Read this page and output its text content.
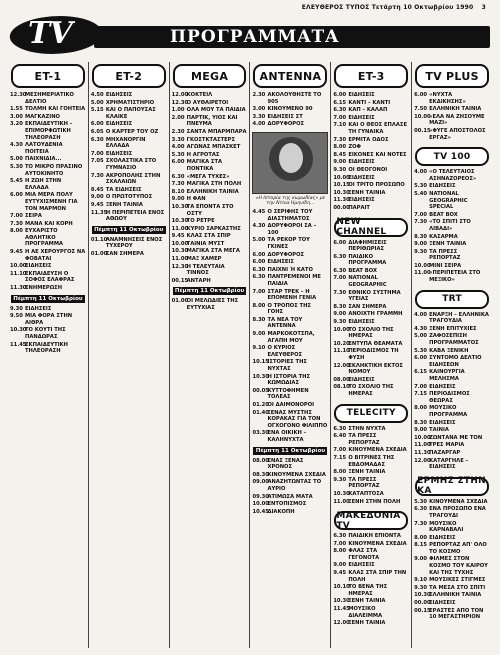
ΕΛΕΥΘΕΡΟΣ ΤΥΠΟΣ Τετάρτη 10 Οκτωβρίου 1990 3
ΠΡΟΓΡΑΜΜΑΤΑ
TV
ET-1
12.30
ΜΕΣΗΜΕΡΙΑΤΙΚΟ ΔΕΛΤΙΟ
1.55 ΤΟΛΜΗ ΚΑΙ ΓΟΗΤΕΙΑ
3.00 ΜΑΓΚΑΖΙΝΟ
3.20 ΕΚΠΑΙΔΕΥΤΙΚΗ – ΕΠΙΜΟΡΦΩΤΙΚΗ ΤΗΛΕΟΡΑΣΗ
4.30 ΛΑΤΟΥΔΕΝΙΑ ΠΟΙΤΕΙΑ
5.00 ΠΑΙΧΝΙΔΙΑ...
5.30 ΤΟ ΜΙΚΡΟ ΠΡΑΣΙΝΟ ΑΥΤΟΚΙΝΗΤΟ
5.45 Η ΖΩΗ ΣΤΗΝ ΕΛΛΑΔΑ
6.00 ΜΙΑ ΜΕΡΑ ΠΟΛΥ ΕΥΤΥΧΙΣΜΕΝΗ ΓΙΑ ΤΟΝ ΜΑΡΜΟΝ
7.00 ΣΕΙΡΑ
7.30 ΜΑΝΑ ΚΑΙ ΚΟΡΗ
8.00 ΕΥΧΑΡΙΣΤΟ ΑΘΛΗΤΙΚΟ ΠΡΟΓΡΑΜΜΑ
9.45 Η ΑΕ ΧΕΡΟΥΡΓΟΣ ΝΑ ΦΟΒΑΤΑΙ
10.00
ΕΙΔΗΣΕΙΣ
11.10
ΕΚΠΑΙΔΕΥΣΗ Ο ΣΟΦΟΣ ΕΛΑΦΡΑΣ
11.30
ΕΝΗΜΕΡΩΣΗ
Πέμπτη 11 Οκτωβρίου
9.30 ΕΙΔΗΣΕΙΣ
9.50 ΜΙΑ ΦΟΡΑ ΣΤΗΝ ΑΙΘΡΑ
10.30
ΤΟ ΚΟΥΤΙ ΤΗΣ ΠΑΝΔΩΡΑΣ
11.45
ΕΚΠΑΙΔΕΥΤΙΚΗ ΤΗΛΕΟΡΑΣΗ
ET-2
4.50 ΕΙΔΗΣΕΙΣ
5.00 ΧΡΗΜΑΤΙΣΤΗΡΙΟ
5.15 ΚΑΙ Ο ΠΑΠΟΥΣΑΣ ΚΛΑΙΚΕ
6.00 ΕΙΔΗΣΕΙΣ
6.05 Ο ΚΑΡΤΕΡ ΤΟΥ ΟΖ
6.30 ΜΗΧΑΝΟΡΓΙΝ ΕΛΛΑΔΑ
7.00 ΕΙΔΗΣΕΙΣ
7.05 ΣΧΟΛΑΣΤΙΚΑ ΣΤΟ ΓΥΜΝΑΣΙΟ
7.30 ΑΚΡΟΠΟΛΗΣ ΣΤΗΝ ΣΧΑΛΑΙΩΝ
8.45 ΤΑ ΕΙΔΗΣΕΙΣ
9.00 Ο ΠΡΩΤΟΤΥΠΟΣ
9.45 ΞΕΝΗ ΤΑΙΝΙΑ
11.35
Η ΠΕΡΙΠΕΤΕΙΑ ΕΝΟΣ ΑΘΩΟΥ
Πέμπτη 11 Οκτωβρίου
01.10
ΑΝΑΜΝΗΣΕΙΣ ΕΝΟΣ ΤΥΧΕΡΟΥ
01.00
ΣΑΝ ΣΗΜΕΡΑ
MEGA
12.00
ΚΟΚΤΕΙΛ
12.30
Ο ΑΥΘΑΙΡΕΤΟΙ
1.00 ΟΛΑ ΜΟΥ ΤΑ ΠΑΙΔΙΑ
2.00 ΠΑΡΤΙΚ, ΥΙΟΣ ΚΑΙ ΠΝΕΥΜΑ
2.30 ΣΑΝΤΑ ΜΠΑΡΜΠΑΡΑ
3.30 ΓΚΟΣΤΚΤΑΣΤΕΡΣ
4.00 ΑΓΩΝΑΣ ΜΠΑΣΚΕΤ
5.30 Η ΑΓΡΟΤΑΣ
6.00 ΜΑΓΙΚΑ ΣΤΑ ΠΟΝΤΙΚΑ
6.30 «ΜΕΓΑ ΤΥΧΕΣ»
7.30 ΜΑΓΙΚΑ ΣΤΗ ΠΟΛΗ
8.10 ΕΛΛΗΝΙΚΗ ΤΑΙΝΙΑ
9.00 Η ΦΑΝ
10.30
ΤΑ ΕΠΟΝΤΑ ΣΤΟ ΟΣΤΥ
10.30
ΤΟ ΡΕΤΡΕ
11.00
ΚΥΡΙΟ ΣΑΡΚΑΣΤΗΣ
9.45 ΚΛΑΣ ΣΤΑ ΣΠΙΡ
10.00
ΤΑΙΝΙΑ ΜΥΣΤ
10.30
ΜΑΓΙΚΑ ΣΤΑ ΜΕΓΑ
11.00
ΜΑΞ ΧΑΜΕΡ
12.30
Η ΤΕΛΕΥΤΑΙΑ ΤΙΝΝΟΣ
00.15
ΑΝΤΑΡΗ
Πέμπτη 11 Οκτωβρίου
01.00
ΟΙ ΜΕΛΩΔΙΕΣ ΤΗΣ ΕΥΤΥΧΙΑΣ
ANTENNA
2.30 ΑΚΟΛΟΥΘΗΣΤΕ ΤΟ 905
3.00 ΚΙΝΟΥΜΕΝΟ 90
3.30 ΕΙΔΗΣΕΙΣ ΣΤ
4.00 ΔΟΡΥΦΟΡΟΣ
«Η Ιστορία της κωμωδίας» με την Ντίνα Ημηνίδη...
4.45 Ο ΣΕΡΙΦΗΣ ΤΟΥ ΔΙΑΣΤΗΜΑΤΟΣ
4.30 ΔΟΡΥΦΟΡΟΙ ΣΑ – 100
5.00 ΤΑ ΡΕΚΟΡ ΤΟΥ ΓΚΙΝΕΣ
6.00 ΔΟΡΥΦΟΡΟΣ
6.00 ΕΙΔΗΣΕΙΣ
6.30 ΠΑΙΧΝΙ Ή ΚΑΤΟ
6.30 ΠΑΝΤΡΕΜΕΝΟΙ ΜΕ ΠΑΙΔΙΑ
7.00 ΣΤΑΡ ΤΡΕΚ – Η ΕΠΟΜΕΝΗ ΓΕΝΙΑ
8.00 Ο ΤΡΟΠΟΣ ΤΗΣ ΓΟΗΣ
8.30 ΤΑ ΝΕΑ ΤΟΥ ANTENNA
9.00 ΜΑΡΚΟΚΟΤΣΠΑ, ΑΓΑΠΗ ΜΟΥ
9.10 Ο ΚΥΡΙΟΣ ΕΛΕΥΘΕΡΟΣ
10.15
ΙΣΤΟΡΙΕΣ ΤΗΣ ΝΥΧΤΑΣ
10.30
Η ΙΣΤΟΡΙΑ ΤΗΣ ΚΩΜΩΔΙΑΣ
00.05
ΚΥΤΤΟΦΗΜΕΝ ΤΟΛΕΑΣ
01.20
ΟΙ ΔΑΙΜΟΝΟΡΟΙ
01.40
ΞΕΝΑΣ ΜΥΣΤΗΣ ΚΟΡΑΚΑΣ ΓΙΑ ΤΟΝ ΟΓΧΟΓΟΝΟ ΦΙΛΙΠΠΟ
03.30
ΕΝΑ ΟΙΚΙΚΗ – ΚΑΛΗΝΥΧΤΑ
Πέμπτη 11 Οκτωβρίου
08.00
ΕΝΑΣ ΞΕΝΑΣ ΧΡΟΝΟΣ
08.30
ΚΙΝΟΥΜΕΝΑ ΣΧΕΔΙΑ
09.00
ΑΝΑΖΗΤΩΝΤΑΣ ΤΟ ΑΥΡΙΟ
09.30
ΑΤΙΜΩΣΑ ΜΑΤΑ
10.00
ΕΝΤΟΠΙΣΜΟΣ
10.45
ΔΙΑΚΟΠΗ
ET-3
6.00 ΕΙΔΗΣΕΙΣ
6.15 ΚΑΝΤΙ – ΚΑΝΤΙ
6.30 ΚΑΠ – ΚΑΛΑΠ
7.00 ΕΙΔΗΣΕΙΣ
7.10 ΚΑΙ Ο ΘΕΟΣ ΕΠΛΑΣΕ ΤΗ ΓΥΝΑΙΚΑ
7.30 ΕΡΜΙΤΑ ΟΔΟΣ
8.00 ΖΟΦ
8.45 ΕΙΚΟΝΕΣ ΚΑΙ ΝΟΤΕΣ
9.00 ΕΙΔΗΣΕΙΣ
9.30 ΟΙ ΘΕΟΓΟΝΟΙ
10.00
ΕΙΔΗΣΕΙΣ
10.15
ΟΙ ΤΡΙΤΟ ΠΡΟΣΩΠΟ
10.30
ΞΕΝΗ ΤΑΙΝΙΑ
11.30
ΕΙΔΗΣΕΙΣ
00.00
ΠΑΡΑΙΤ
NEW CHANNEL
6.00 ΔΙΑΦΗΜΙΣΕΙΣ ΠΕΡΙΘΩΡΙΑΣ
6.30 ΠΑΙΔΙΚΟ ΠΡΟΓΡΑΜΜΑ
6.30 BEAT BOX
7.00 NATIONAL GEOGRAPHIC
7.30 ΕΘΝΙΚΟ ΣΥΣΤΗΜΑ ΥΓΕΙΑΣ
8.30 ΣΑΝ ΣΗΜΕΡΑ
9.00 ΑΝΟΙΧΤΗ ΓΡΑΜΜΗ
9.30 ΕΙΔΗΣΕΙΣ
10.00
ΤΟ ΣΧΟΛΙΟ ΤΗΣ ΗΜΕΡΑΣ
10.20
ΕΝΤΥΠΑ ΘΕΑΜΑΤΑ
11.10
ΠΕΡΙΟΔΙΣΜΟΣ ΤΗ ΦΥΣΗ
12.00
ΕΚΛΗΚΤΙΚΗ ΕΚΤΟΣ ΝΟΜΟΥ
08.00
ΕΙΔΗΣΕΙΣ
08.10
ΤΟ ΣΧΟΛΙΟ ΤΗΣ ΗΜΕΡΑΣ
TELECITY
6.30 ΣΤΗΝ ΝΥΧΤΑ
6.40 ΤΑ ΠΡΕΣΣ ΡΕΠΟΡΤΑΖ
7.00 ΚΙΝΟΥΜΕΝΑ ΣΧΕΔΙΑ
7.15 Ο ΒΙΤΡΙΝΕΣ ΤΗΣ ΕΒΔΟΜΑΔΑΣ
8.00 ΞΕΝΗ ΤΑΙΝΙΑ
9.30 ΤΑ ΠΡΕΣΣ ΡΕΠΟΡΤΑΖ
10.30
ΚΑΤΑΠΤΟΣΑ
11.00
ΞΕΝΗ ΣΤΗΝ ΠΟΛΗ
ΜΑΚΕΔΟΝΙΑ TV
6.30 ΠΑΙΔΙΚΗ ΕΠΙΟΝΤΑ
7.00 ΚΙΝΟΥΜΕΝΑ ΣΧΕΔΙΑ
8.00 ΦΛΑΣ ΣΤΑ ΓΕΓΟΝΟΤΑ
9.00 ΕΙΔΗΣΕΙΣ
9.45 ΚΛΑΣ ΣΤΑ ΣΠΙΡ ΤΗΝ ΠΟΛΗ
10.10
ΤΟ ΒΕΝΑ ΤΗΣ ΗΜΕΡΑΣ
10.30
ΞΕΝΗ ΤΑΙΝΙΑ
11.45
ΜΟΥΣΙΚΟ ΔΙΑΛΕΙΜΜΑ
12.00
ΞΕΝΗ ΤΑΙΝΙΑ
TV PLUS
6.00 «ΝΥΧΤΑ ΕΚΔΙΚΗΣΗΣ»
7.50 ΕΛΛΗΝΙΚΗ ΤΑΙΝΙΑ
10.00
«ΕΛΑ ΝΑ ΖΗΣΟΥΜΕ ΜΑΖΙ»
00.15
«ΦΥΓΕ ΑΠΟΣΤΟΛΟΣ ΕΡΓΑΖ»
TV 100
4.00 «Ο ΤΕΛΕΥΤΑΙΟΣ ΑΣΗΝΑΖΟΡΕΟΣ»
5.30 ΕΙΔΗΣΕΙΣ
5.40 NATIONAL GEOGRAPHIC SPECIAL
7.00 BEAT BOX
7.30 «ΤΟ ΣΠΙΤΙ ΣΤΟ ΛΙΒΑΔΙ»
8.30 ΚΑΣΑΡΜΑ
9.00 ΞΕΝΗ ΤΑΙΝΙΑ
9.30 ΤΑ ΠΡΕΣΣ ΡΕΠΟΡΤΑΖ
10.00
ΜΙΝΙ ΣΕΙΡΑ
11.00
«ΠΕΡΙΠΕΤΕΙΑ ΣΤΟ ΜΕΞΙΚΟ»
TRT
4.00 ΕΝΑΡΞΗ – ΕΛΛΗΝΙΚΑ ΤΡΑΓΟΥΔΙΑ
4.30 ΞΕΝΗ ΕΠΙΤΥΧΙΕΣ
5.00 ΖΑΦΟΣΕΠΙΣΗ ΠΡΟΓΡΑΜΜΑΤΟΣ
5.30 ΚΑΒΑ ΞΕΝΙΚΗ
6.00 ΣΥΝΤΟΜΟ ΔΕΛΤΙΟ ΕΙΔΗΣΕΩΝ
6.15 ΚΑΙΝΟΥΡΓΙΑ ΜΕΛΗΣΜΑ
7.00 ΕΙΔΗΣΕΙΣ
7.15 ΠΕΡΙΟΔΙΣΜΟΣ ΘΕΩΡΑΣ
8.00 ΜΟΥΣΙΚΟ ΠΡΟΓΡΑΜΜΑ
8.30 ΕΙΔΗΣΕΙΣ
9.00 ΤΑΙΝΙΑ
10.00
ΖΩΝΤΑΝΑ ΜΕ ΤΟΝ
11.00
ΤΡΕΣ ΜΑΡΙΑ
11.30
ΠΑΖΑΡΓΑΡ
12.00
ΚΑΤΑΡΓΗΛΕ – ΕΙΔΗΣΕΙΣ
ΕΡΜΗΣ ΣΤΗΝ ΚΑ
5.30 ΚΙΝΟΥΜΕΝΑ ΣΧΕΔΙΑ
6.30 ΕΝΑ ΠΡΟΣΩΠΟ ΕΝΑ ΤΡΑΓΟΥΔΙ
7.30 ΜΟΥΣΙΚΟ ΚΑΡΝΑΒΑΛΙ
8.00 ΕΙΔΗΣΕΙΣ
8.15 ΡΕΠΟΡΤΑΖ ΑΠ' ΟΛΟ ΤΟ ΚΟΣΜΟ
9.00 ΦΙΛΜΕΣ ΣΤΟΝ ΚΟΣΜΟ ΤΟΥ ΚΑΙΡΟΥ ΚΑΙ ΤΗΣ ΤΥΧΗΣ
9.10 ΜΟΥΣΙΚΕΣ ΣΤΙΓΜΕΣ
9.30 ΤΑ ΜΕΣΑ ΣΤΟ ΣΠΙΤΙ
10.30
ΕΛΛΗΝΙΚΗ ΤΑΙΝΙΑ
00.00
ΕΙΔΗΣΕΙΣ
00.15
ΕΡΑΣΤΕΣ ΑΠΟ ΤΟΝ 10 ΜΕΓΑΣΤΗΡΙΟΝ
